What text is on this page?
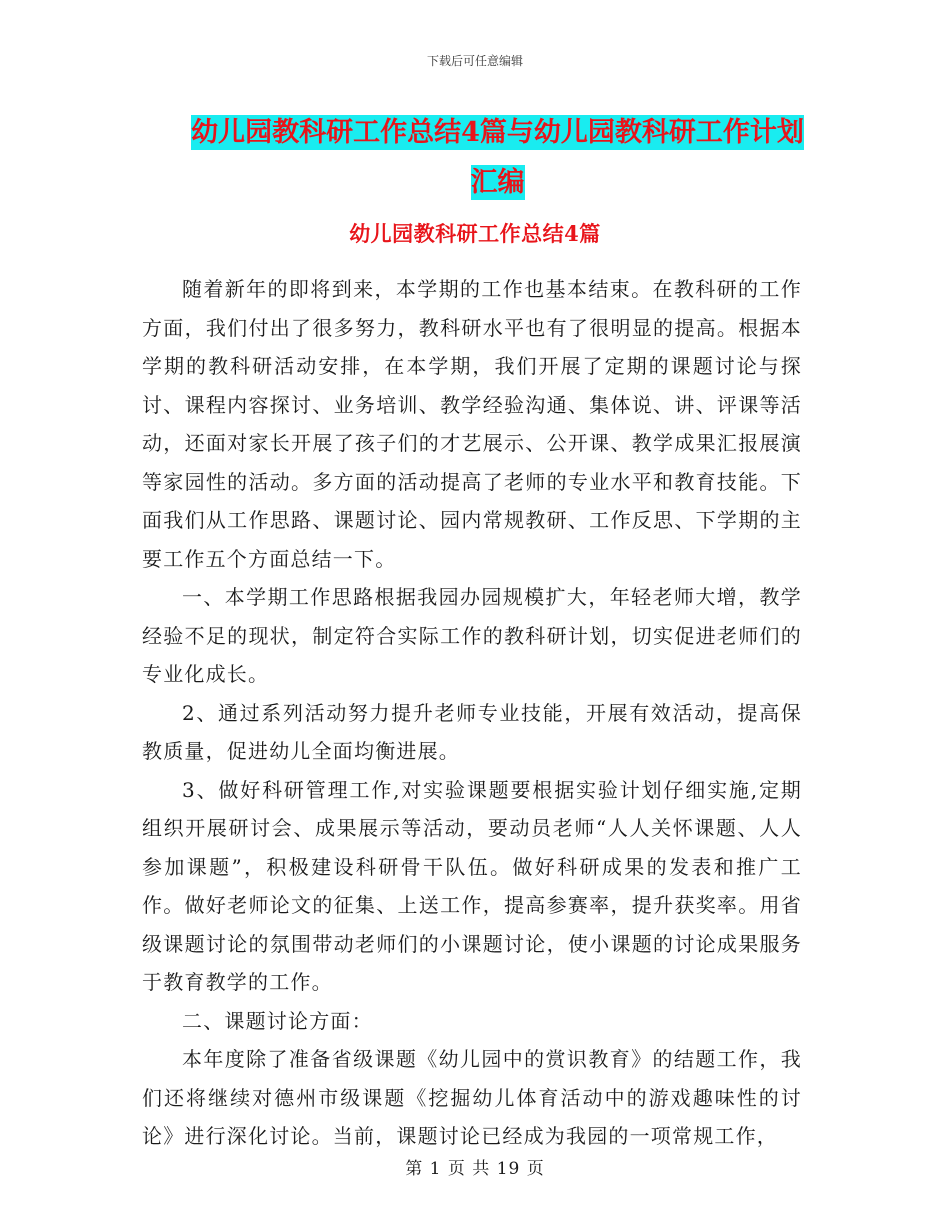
下载后可任意编辑
幼儿园教科研工作总结4篇与幼儿园教科研工作计划汇编
幼儿园教科研工作总结4篇

随着新年的即将到来，本学期的工作也基本结束。在教科研的工作方面，我们付出了很多努力，教科研水平也有了很明显的提高。根据本学期的教科研活动安排，在本学期，我们开展了定期的课题讨论与探讨、课程内容探讨、业务培训、教学经验沟通、集体说、讲、评课等活动，还面对家长开展了孩子们的才艺展示、公开课、教学成果汇报展演等家园性的活动。多方面的活动提高了老师的专业水平和教育技能。下面我们从工作思路、课题讨论、园内常规教研、工作反思、下学期的主要工作五个方面总结一下。

一、本学期工作思路根据我园办园规模扩大，年轻老师大增，教学经验不足的现状，制定符合实际工作的教科研计划，切实促进老师们的专业化成长。

2、通过系列活动努力提升老师专业技能，开展有效活动，提高保教质量，促进幼儿全面均衡进展。

3、做好科研管理工作,对实验课题要根据实验计划仔细实施,定期组织开展研讨会、成果展示等活动，要动员老师“人人关怀课题、人人参加课题”，积极建设科研骨干队伍。做好科研成果的发表和推广工作。做好老师论文的征集、上送工作，提高参赛率，提升获奖率。用省级课题讨论的氛围带动老师们的小课题讨论，使小课题的讨论成果服务于教育教学的工作。

二、课题讨论方面：

本年度除了准备省级课题《幼儿园中的赏识教育》的结题工作，我们还将继续对德州市级课题《挖掘幼儿体育活动中的游戏趣味性的讨论》进行深化讨论。当前，课题讨论已经成为我园的一项常规工作，

第 1 页 共 19 页
